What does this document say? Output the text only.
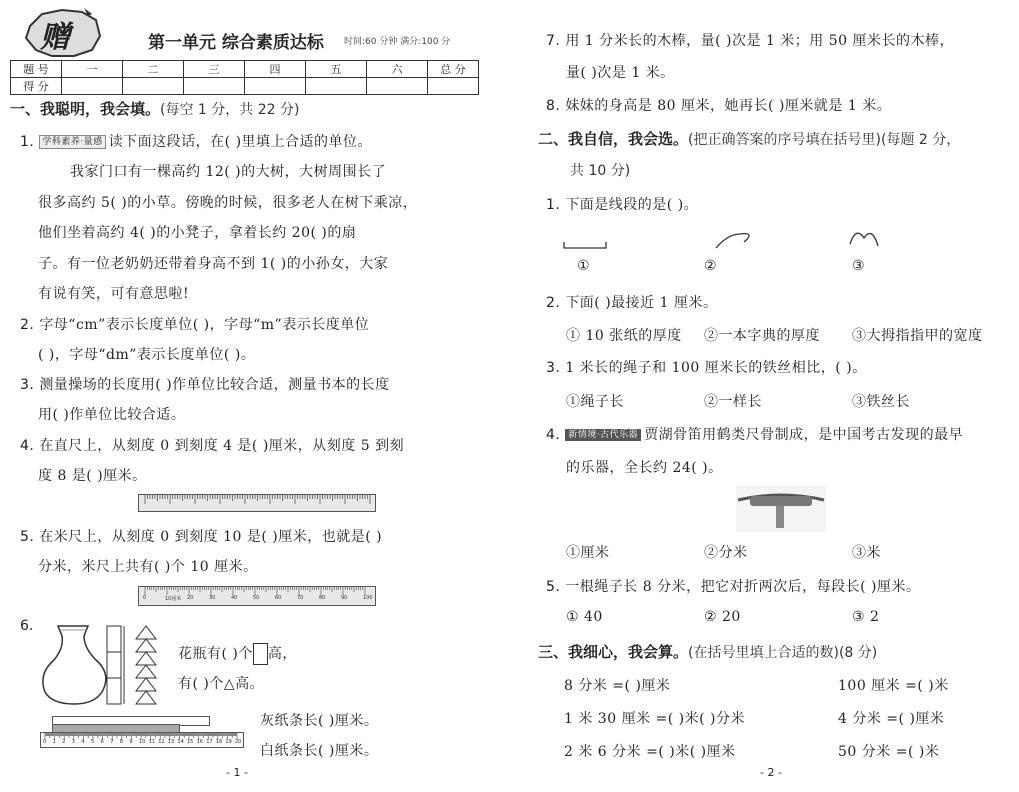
赠	第一单元 综合素质达标 时间:60 分钟 满分:100 分
题 号	一	二	三	四	五	六	总 分
得 分							
一、我聪明，我会填。(每空 1 分，共 22 分)
1. 学科素养·量感 读下面这段话，在( )里填上合适的单位。
我家门口有一棵高约 12( )的大树，大树周围长了
很多高约 5( )的小草。傍晚的时候，很多老人在树下乘凉，
他们坐着高约 4( )的小凳子，拿着长约 20( )的扇
子。有一位老奶奶还带着身高不到 1( )的小孙女，大家
有说有笑，可有意思啦!
2. 字母“cm”表示长度单位( )，字母“m”表示长度单位
( )，字母“dm”表示长度单位( )。
3. 测量操场的长度用( )作单位比较合适，测量书本的长度
用( )作单位比较合适。
4. 在直尺上，从刻度 0 到刻度 4 是( )厘米，从刻度 5 到刻
度 8 是( )厘米。
5. 在米尺上，从刻度 0 到刻度 10 是( )厘米，也就是( )
分米，米尺上共有( )个 10 厘米。
0	10厘米 20	30	40	50	60	70	80	90	100
6.
花瓶有( )个 高，
有( )个△高。
0 1 2 3 4 5 6 7 8 9 10 11 12 13 14 15 16 17 18 19 20
灰纸条长( )厘米。
白纸条长( )厘米。
- 1 -
7. 用 1 分米长的木棒，量( )次是 1 米；用 50 厘米长的木棒，
量( )次是 1 米。
8. 妹妹的身高是 80 厘米，她再长( )厘米就是 1 米。
二、我自信，我会选。(把正确答案的序号填在括号里)(每题 2 分，
共 10 分)
1. 下面是线段的是( )。
①	②	③
2. 下面( )最接近 1 厘米。
① 10 张纸的厚度 ②一本字典的厚度 ③大拇指指甲的宽度
3. 1 米长的绳子和 100 厘米长的铁丝相比，( )。
①绳子长	②一样长	③铁丝长
4. 新情境·古代乐器 贾湖骨笛用鹤类尺骨制成，是中国考古发现的最早
的乐器，全长约 24( )。
①厘米	②分米	③米
5. 一根绳子长 8 分米，把它对折两次后，每段长( )厘米。
① 40	② 20	③ 2
三、我细心，我会算。(在括号里填上合适的数)(8 分)
8 分米 =( )厘米	100 厘米 =( )米
1 米 30 厘米 =( )米( )分米	4 分米 =( )厘米
2 米 6 分米 =( )米( )厘米	50 分米 =( )米
- 2 -
